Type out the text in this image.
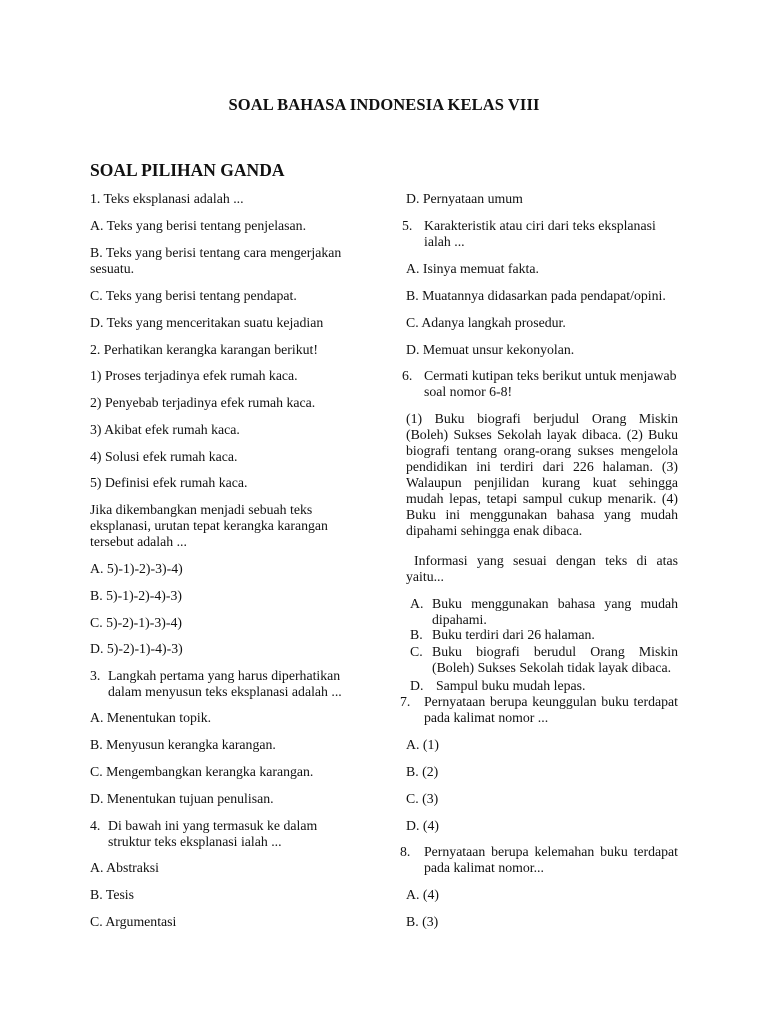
SOAL BAHASA INDONESIA KELAS VIII
SOAL PILIHAN GANDA
1. Teks eksplanasi adalah ...
A. Teks yang berisi tentang penjelasan.
B. Teks yang berisi tentang cara mengerjakan sesuatu.
C. Teks yang berisi tentang pendapat.
D. Teks yang menceritakan suatu kejadian
2. Perhatikan kerangka karangan berikut!
1) Proses terjadinya efek rumah kaca.
2) Penyebab terjadinya efek rumah kaca.
3) Akibat efek rumah kaca.
4) Solusi efek rumah kaca.
5) Definisi efek rumah kaca.
Jika dikembangkan menjadi sebuah teks eksplanasi, urutan tepat kerangka karangan tersebut adalah ...
A. 5)-1)-2)-3)-4)
B. 5)-1)-2)-4)-3)
C. 5)-2)-1)-3)-4)
D. 5)-2)-1)-4)-3)
3. Langkah pertama yang harus diperhatikan dalam menyusun teks eksplanasi adalah ...
A. Menentukan topik.
B. Menyusun kerangka karangan.
C. Mengembangkan kerangka karangan.
D. Menentukan tujuan penulisan.
4. Di bawah ini yang termasuk ke dalam struktur teks eksplanasi ialah ...
A. Abstraksi
B. Tesis
C. Argumentasi
D. Pernyataan umum
5. Karakteristik atau ciri dari teks eksplanasi ialah ...
A. Isinya memuat fakta.
B. Muatannya didasarkan pada pendapat/opini.
C. Adanya langkah prosedur.
D. Memuat unsur kekonyolan.
6. Cermati kutipan teks berikut untuk menjawab soal nomor 6-8!
(1) Buku biografi berjudul Orang Miskin (Boleh) Sukses Sekolah layak dibaca. (2) Buku biografi tentang orang-orang sukses mengelola pendidikan ini terdiri dari 226 halaman. (3) Walaupun penjilidan kurang kuat sehingga mudah lepas, tetapi sampul cukup menarik. (4) Buku ini menggunakan bahasa yang mudah dipahami sehingga enak dibaca.
Informasi yang sesuai dengan teks di atas yaitu...
A. Buku menggunakan bahasa yang mudah dipahami.
B. Buku terdiri dari 26 halaman.
C. Buku biografi berudul Orang Miskin (Boleh) Sukses Sekolah tidak layak dibaca.
D. Sampul buku mudah lepas.
7. Pernyataan berupa keunggulan buku terdapat pada kalimat nomor ...
A. (1)
B. (2)
C. (3)
D. (4)
8. Pernyataan berupa kelemahan buku terdapat pada kalimat nomor...
A. (4)
B. (3)
